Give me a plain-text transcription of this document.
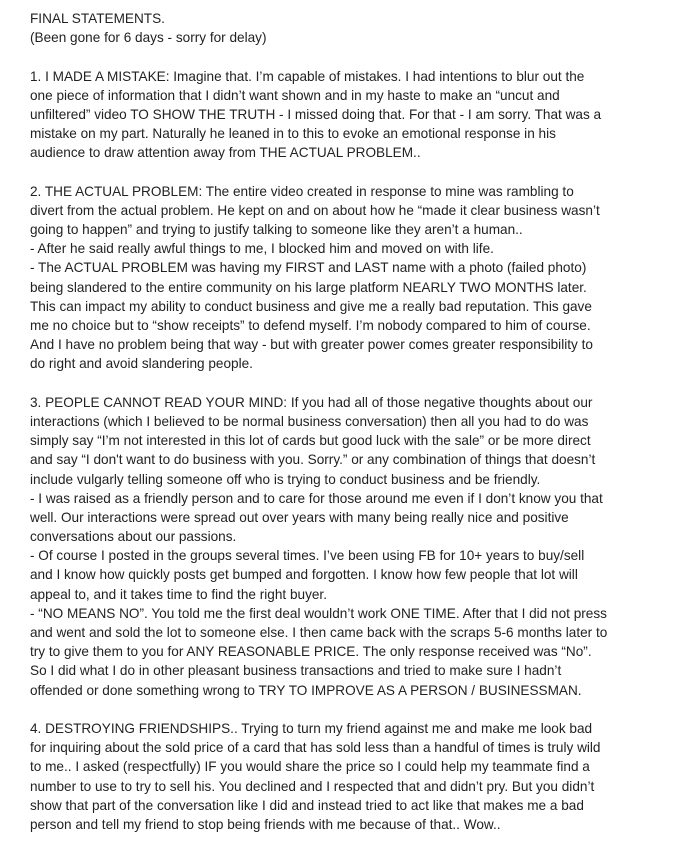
FINAL STATEMENTS.
(Been gone for 6 days - sorry for delay)
1. I MADE A MISTAKE: Imagine that. I’m capable of mistakes. I had intentions to blur out the
one piece of information that I didn’t want shown and in my haste to make an “uncut and
unfiltered” video TO SHOW THE TRUTH - I missed doing that. For that - I am sorry. That was a
mistake on my part. Naturally he leaned in to this to evoke an emotional response in his
audience to draw attention away from THE ACTUAL PROBLEM..
2. THE ACTUAL PROBLEM: The entire video created in response to mine was rambling to
divert from the actual problem. He kept on and on about how he “made it clear business wasn’t
going to happen” and trying to justify talking to someone like they aren’t a human..
- After he said really awful things to me, I blocked him and moved on with life.
- The ACTUAL PROBLEM was having my FIRST and LAST name with a photo (failed photo)
being slandered to the entire community on his large platform NEARLY TWO MONTHS later.
This can impact my ability to conduct business and give me a really bad reputation. This gave
me no choice but to “show receipts” to defend myself. I’m nobody compared to him of course.
And I have no problem being that way - but with greater power comes greater responsibility to
do right and avoid slandering people.
3. PEOPLE CANNOT READ YOUR MIND: If you had all of those negative thoughts about our
interactions (which I believed to be normal business conversation) then all you had to do was
simply say “I’m not interested in this lot of cards but good luck with the sale” or be more direct
and say “I don't want to do business with you. Sorry.” or any combination of things that doesn’t
include vulgarly telling someone off who is trying to conduct business and be friendly.
- I was raised as a friendly person and to care for those around me even if I don’t know you that
well. Our interactions were spread out over years with many being really nice and positive
conversations about our passions.
- Of course I posted in the groups several times. I’ve been using FB for 10+ years to buy/sell
and I know how quickly posts get bumped and forgotten. I know how few people that lot will
appeal to, and it takes time to find the right buyer.
- “NO MEANS NO”. You told me the first deal wouldn’t work ONE TIME. After that I did not press
and went and sold the lot to someone else. I then came back with the scraps 5-6 months later to
try to give them to you for ANY REASONABLE PRICE. The only response received was “No”.
So I did what I do in other pleasant business transactions and tried to make sure I hadn’t
offended or done something wrong to TRY TO IMPROVE AS A PERSON / BUSINESSMAN.
4. DESTROYING FRIENDSHIPS.. Trying to turn my friend against me and make me look bad
for inquiring about the sold price of a card that has sold less than a handful of times is truly wild
to me.. I asked (respectfully) IF you would share the price so I could help my teammate find a
number to use to try to sell his. You declined and I respected that and didn’t pry. But you didn’t
show that part of the conversation like I did and instead tried to act like that makes me a bad
person and tell my friend to stop being friends with me because of that.. Wow..
